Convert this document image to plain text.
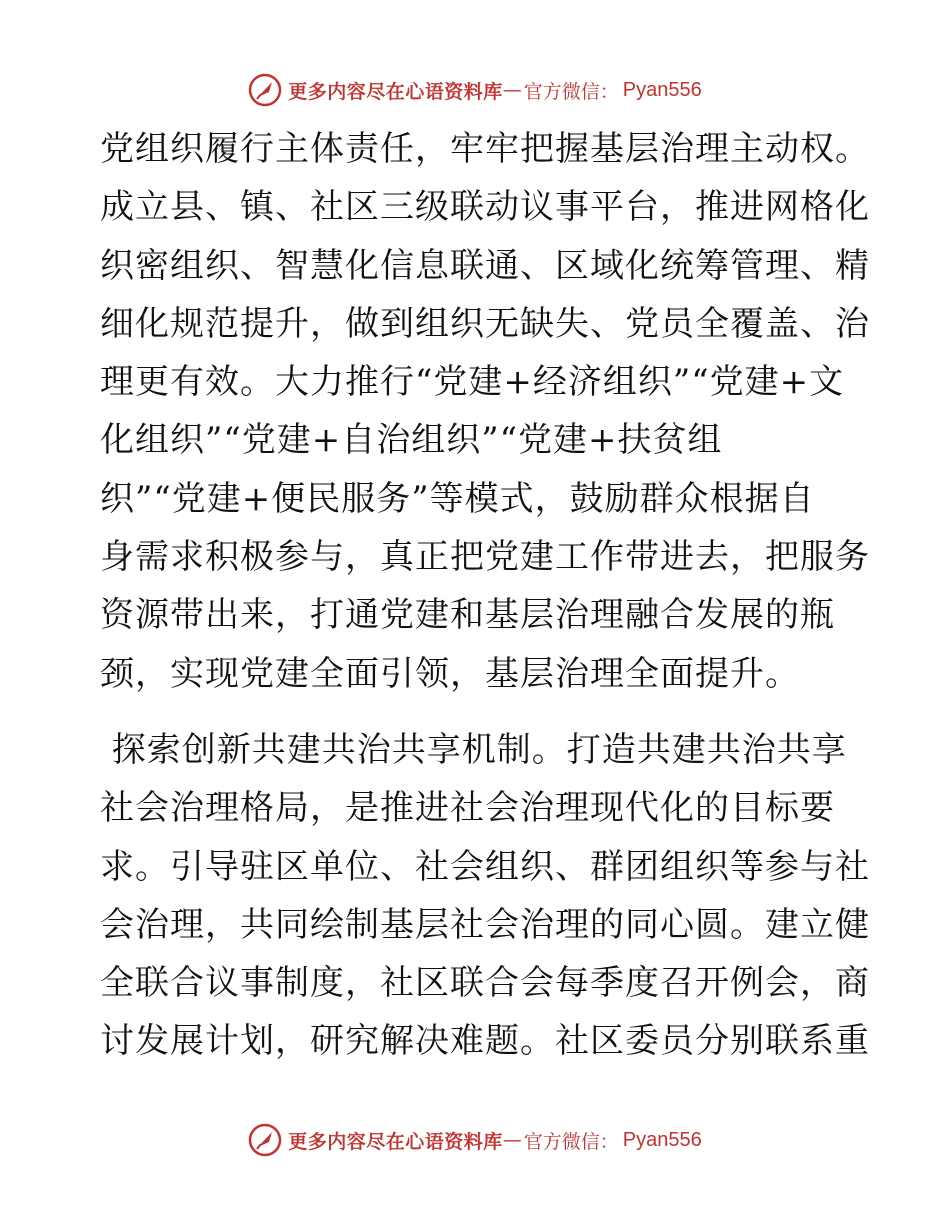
更多内容尽在心语资料库 — 官方微信： Pyan556
党组织履行主体责任，牢牢把握基层治理主动权。
成立县、镇、社区三级联动议事平台，推进网格化
织密组织、智慧化信息联通、区域化统筹管理、精
细化规范提升，做到组织无缺失、党员全覆盖、治
理更有效。大力推行“党建+经济组织”“党建+文
化组织”“党建+自治组织”“党建+扶贫组
织”“党建+便民服务”等模式，鼓励群众根据自
身需求积极参与，真正把党建工作带进去，把服务
资源带出来，打通党建和基层治理融合发展的瓶
颈，实现党建全面引领，基层治理全面提升。
探索创新共建共治共享机制。打造共建共治共享
社会治理格局，是推进社会治理现代化的目标要
求。引导驻区单位、社会组织、群团组织等参与社
会治理，共同绘制基层社会治理的同心圆。建立健
全联合议事制度，社区联合会每季度召开例会，商
讨发展计划，研究解决难题。社区委员分别联系重
更多内容尽在心语资料库 — 官方微信： Pyan556
